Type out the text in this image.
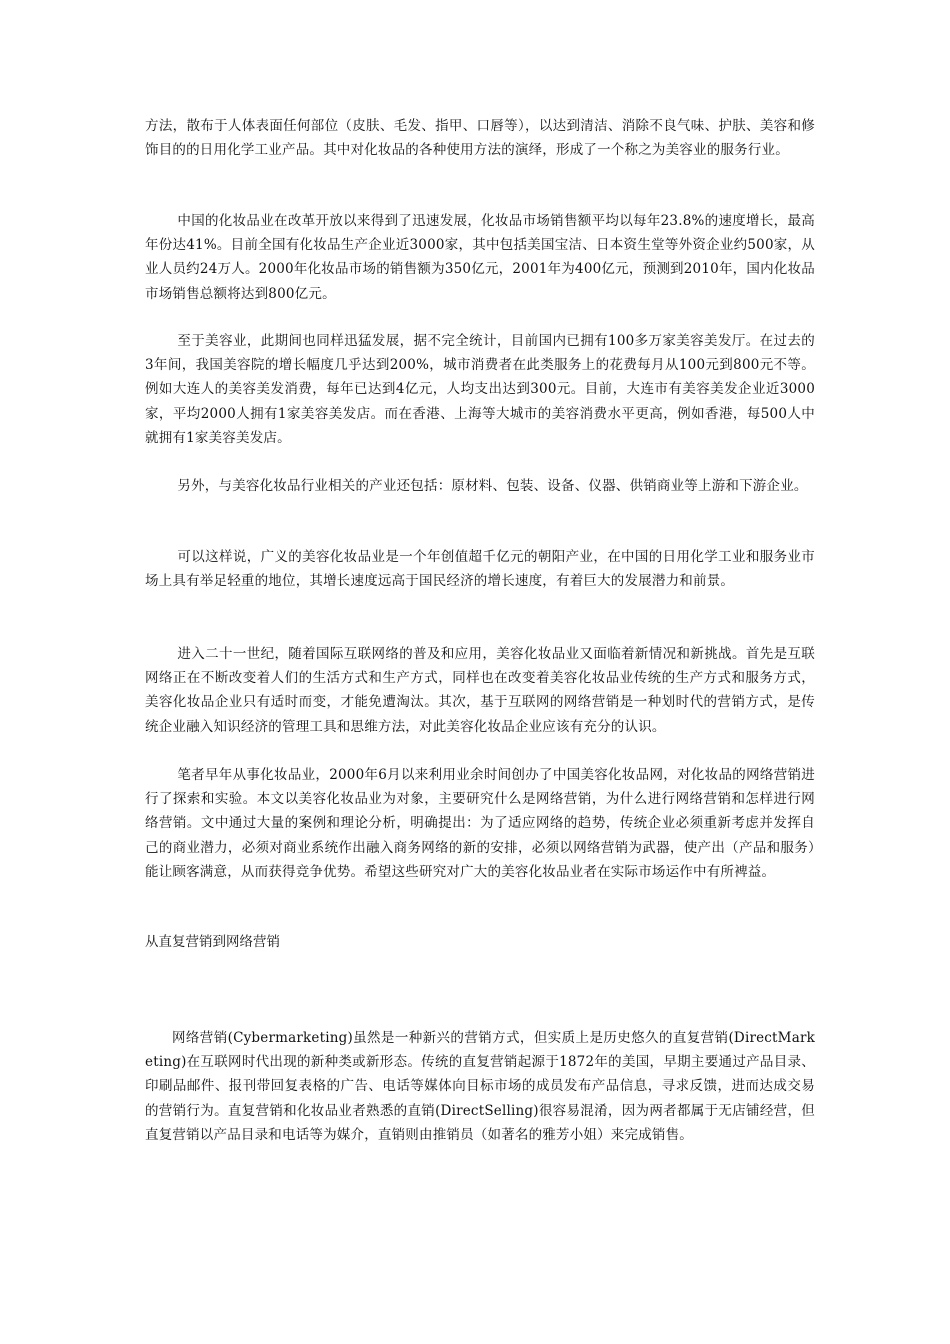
方法，散布于人体表面任何部位（皮肤、毛发、指甲、口唇等），以达到清洁、消除不良气味、护肤、美容和修饰目的的日用化学工业产品。其中对化妆品的各种使用方法的演绎，形成了一个称之为美容业的服务行业。

中国的化妆品业在改革开放以来得到了迅速发展，化妆品市场销售额平均以每年23.8%的速度增长，最高年份达41%。目前全国有化妆品生产企业近3000家，其中包括美国宝洁、日本资生堂等外资企业约500家，从业人员约24万人。2000年化妆品市场的销售额为350亿元，2001年为400亿元，预测到2010年，国内化妆品市场销售总额将达到800亿元。

至于美容业，此期间也同样迅猛发展，据不完全统计，目前国内已拥有100多万家美容美发厅。在过去的3年间，我国美容院的增长幅度几乎达到200%，城市消费者在此类服务上的花费每月从100元到800元不等。例如大连人的美容美发消费，每年已达到4亿元，人均支出达到300元。目前，大连市有美容美发企业近3000家，平均2000人拥有1家美容美发店。而在香港、上海等大城市的美容消费水平更高，例如香港，每500人中就拥有1家美容美发店。

另外，与美容化妆品行业相关的产业还包括：原材料、包装、设备、仪器、供销商业等上游和下游企业。

可以这样说，广义的美容化妆品业是一个年创值超千亿元的朝阳产业，在中国的日用化学工业和服务业市场上具有举足轻重的地位，其增长速度远高于国民经济的增长速度，有着巨大的发展潜力和前景。

进入二十一世纪，随着国际互联网络的普及和应用，美容化妆品业又面临着新情况和新挑战。首先是互联网络正在不断改变着人们的生活方式和生产方式，同样也在改变着美容化妆品业传统的生产方式和服务方式，美容化妆品企业只有适时而变，才能免遭淘汰。其次，基于互联网的网络营销是一种划时代的营销方式，是传统企业融入知识经济的管理工具和思维方法，对此美容化妆品企业应该有充分的认识。

笔者早年从事化妆品业，2000年6月以来利用业余时间创办了中国美容化妆品网，对化妆品的网络营销进行了探索和实验。本文以美容化妆品业为对象，主要研究什么是网络营销，为什么进行网络营销和怎样进行网络营销。文中通过大量的案例和理论分析，明确提出：为了适应网络的趋势，传统企业必须重新考虑并发挥自己的商业潜力，必须对商业系统作出融入商务网络的新的安排，必须以网络营销为武器，使产出（产品和服务）能让顾客满意，从而获得竞争优势。希望这些研究对广大的美容化妆品业者在实际市场运作中有所裨益。

从直复营销到网络营销

网络营销(Cybermarketing)虽然是一种新兴的营销方式，但实质上是历史悠久的直复营销(DirectMarketing)在互联网时代出现的新种类或新形态。传统的直复营销起源于1872年的美国，早期主要通过产品目录、印刷品邮件、报刊带回复表格的广告、电话等媒体向目标市场的成员发布产品信息，寻求反馈，进而达成交易的营销行为。直复营销和化妆品业者熟悉的直销(DirectSelling)很容易混淆，因为两者都属于无店铺经营，但直复营销以产品目录和电话等为媒介，直销则由推销员（如著名的雅芳小姐）来完成销售。
